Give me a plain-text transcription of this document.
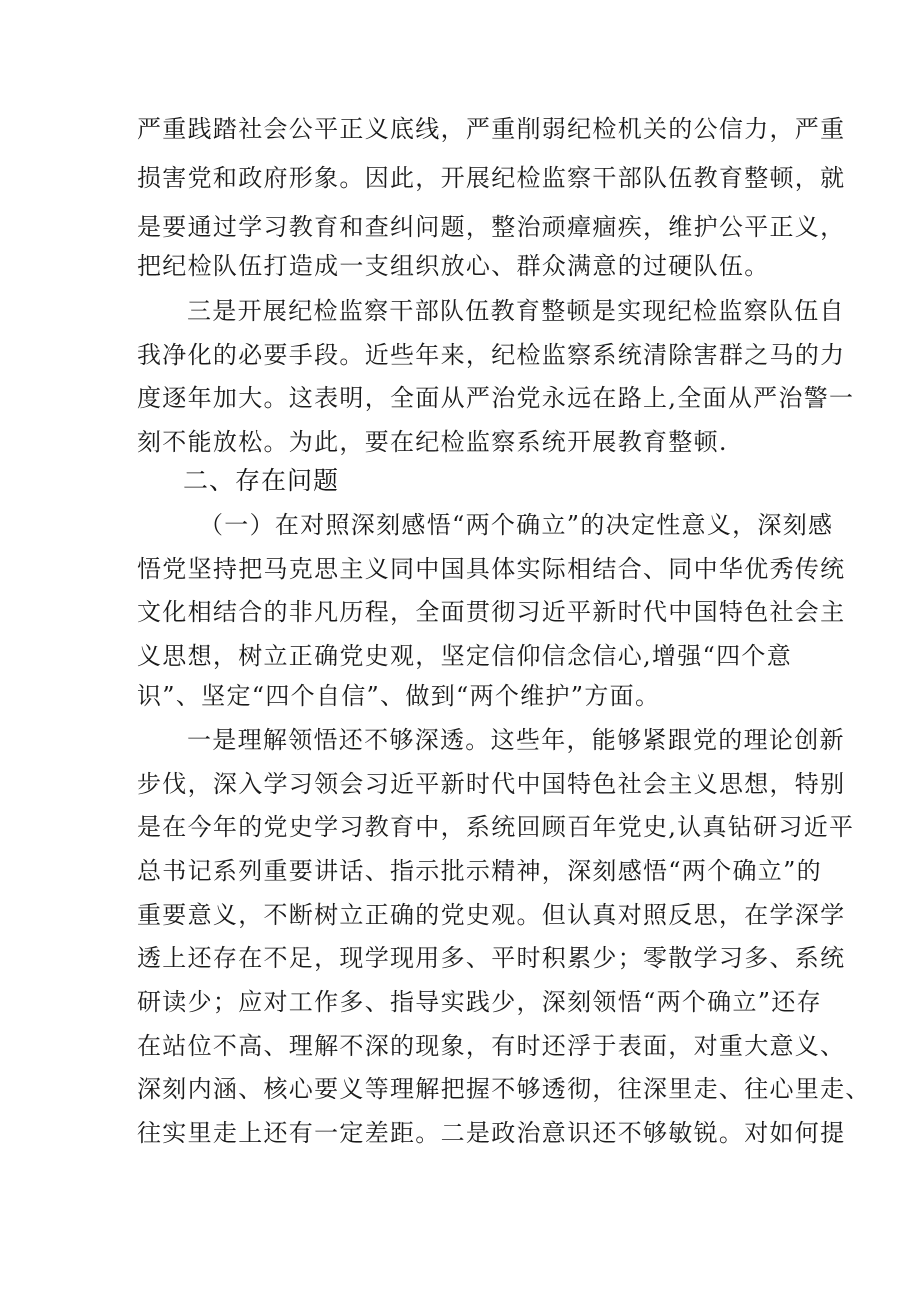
严重践踏社会公平正义底线，严重削弱纪检机关的公信力，严重
损害党和政府形象。因此，开展纪检监察干部队伍教育整顿，就
是要通过学习教育和查纠问题，整治顽瘴痼疾，维护公平正义，
把纪检队伍打造成一支组织放心、群众满意的过硬队伍。
三是开展纪检监察干部队伍教育整顿是实现纪检监察队伍自
我净化的必要手段。近些年来，纪检监察系统清除害群之马的力
度逐年加大。这表明，全面从严治党永远在路上,全面从严治警一
刻不能放松。为此，要在纪检监察系统开展教育整顿.
二、存在问题
（一）在对照深刻感悟“两个确立”的决定性意义，深刻感
悟党坚持把马克思主义同中国具体实际相结合、同中华优秀传统
文化相结合的非凡历程，全面贯彻习近平新时代中国特色社会主
义思想，树立正确党史观，坚定信仰信念信心,增强“四个意
识”、坚定“四个自信”、做到“两个维护”方面。
一是理解领悟还不够深透。这些年，能够紧跟党的理论创新
步伐，深入学习领会习近平新时代中国特色社会主义思想，特别
是在今年的党史学习教育中，系统回顾百年党史,认真钻研习近平
总书记系列重要讲话、指示批示精神，深刻感悟“两个确立”的
重要意义，不断树立正确的党史观。但认真对照反思，在学深学
透上还存在不足，现学现用多、平时积累少；零散学习多、系统
研读少；应对工作多、指导实践少，深刻领悟“两个确立”还存
在站位不高、理解不深的现象，有时还浮于表面，对重大意义、
深刻内涵、核心要义等理解把握不够透彻，往深里走、往心里走、
往实里走上还有一定差距。二是政治意识还不够敏锐。对如何提
